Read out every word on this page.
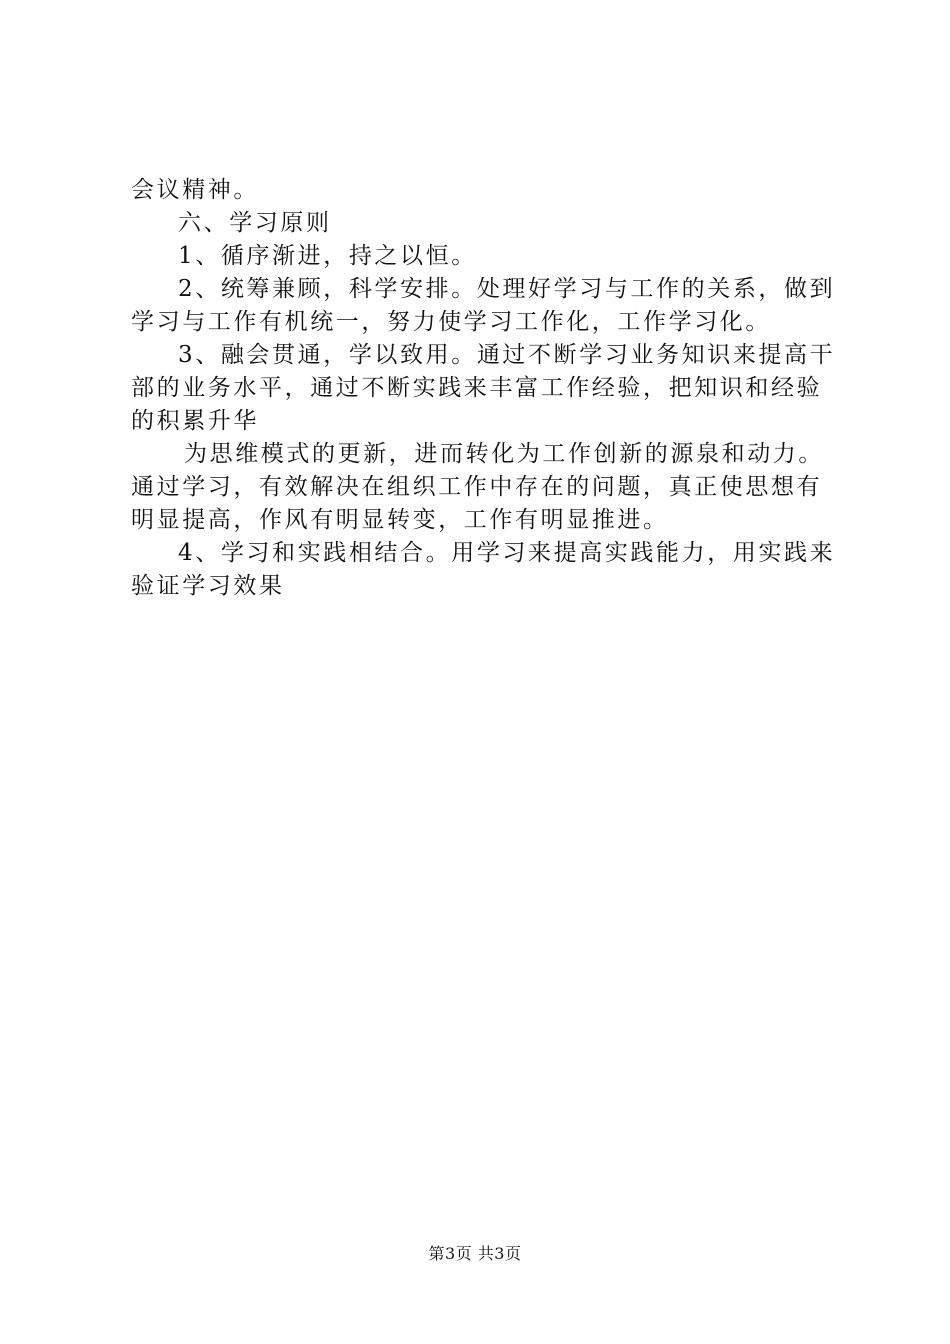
会议精神。
六、学习原则
1、循序渐进，持之以恒。
2、统筹兼顾，科学安排。处理好学习与工作的关系，做到
学习与工作有机统一，努力使学习工作化，工作学习化。
3、融会贯通，学以致用。通过不断学习业务知识来提高干
部的业务水平，通过不断实践来丰富工作经验，把知识和经验
的积累升华
为思维模式的更新，进而转化为工作创新的源泉和动力。
通过学习，有效解决在组织工作中存在的问题，真正使思想有
明显提高，作风有明显转变，工作有明显推进。
4、学习和实践相结合。用学习来提高实践能力，用实践来
验证学习效果
第3页 共3页
